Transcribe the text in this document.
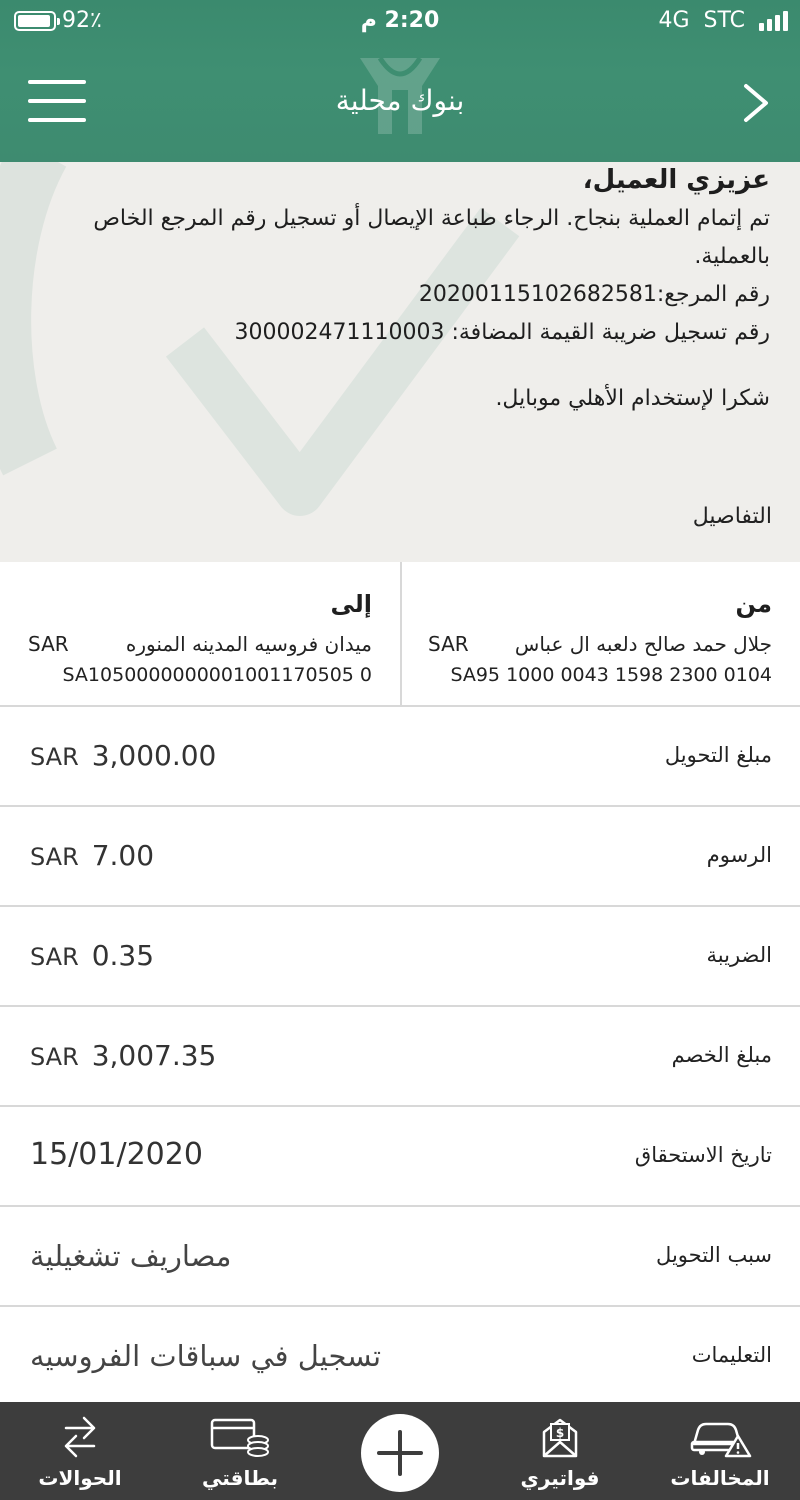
92٪	2:20 م	4G STC
بنوك محلية
عزيزي العميل،
تم إتمام العملية بنجاح. الرجاء طباعة الإيصال أو تسجيل رقم المرجع الخاص
بالعملية.
رقم المرجع:20200115102682581
رقم تسجيل ضريبة القيمة المضافة: 300002471110003
شكرا لإستخدام الأهلي موبايل.
التفاصيل
من
جلال حمد صالح دلعبه ال عباس
SAR
SA95 1000 0043 1598 2300 0104
إلى
ميدان فروسيه المدينه المنوره
SAR
SA1050000000001001170505 0
مبلغ التحويل
SAR 3,000.00
الرسوم
SAR 7.00
الضريبة
SAR 0.35
مبلغ الخصم
SAR 3,007.35
تاريخ الاستحقاق
15/01/2020
سبب التحويل
مصاريف تشغيلية
التعليمات
تسجيل في سباقات الفروسيه
الحوالات	بطاقتي
$
فواتيري	المخالفات
